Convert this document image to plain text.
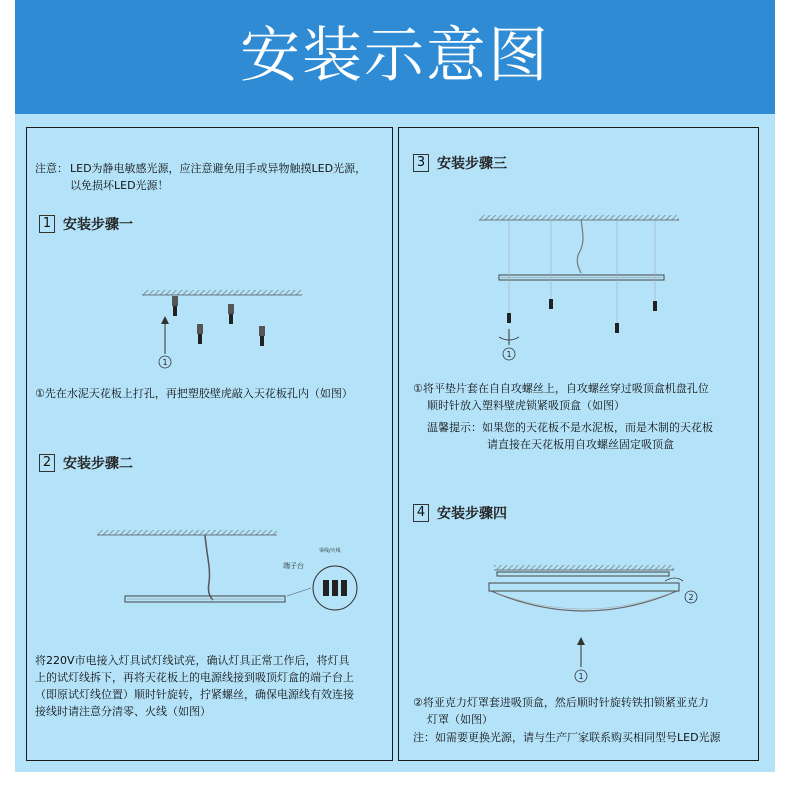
安装示意图
注意： LED为静电敏感光源，应注意避免用手或异物触摸LED光源，
以免损坏LED光源！
1 安装步骤一
1
①先在水泥天花板上打孔，再把塑胶壁虎敲入天花板孔内（如图）
2 安装步骤二
端子台
零线/火线
将220V市电接入灯具试灯线试亮，确认灯具正常工作后，将灯具
上的试灯线拆下，再将天花板上的电源线接到吸顶灯盒的端子台上
（即原试灯线位置）顺时针旋转，拧紧螺丝，确保电源线有效连接
接线时请注意分清零、火线（如图）
3 安装步骤三
1
①将平垫片套在自自攻螺丝上，自攻螺丝穿过吸顶盒机盘孔位
顺时针放入塑料壁虎锁紧吸顶盒（如图）
温馨提示：如果您的天花板不是水泥板，而是木制的天花板
请直接在天花板用自攻螺丝固定吸顶盒
4 安装步骤四
2
1
②将亚克力灯罩套进吸顶盒，然后顺时针旋转铁扣锁紧亚克力
灯罩（如图）
注：如需要更换光源，请与生产厂家联系购买相同型号LED光源
